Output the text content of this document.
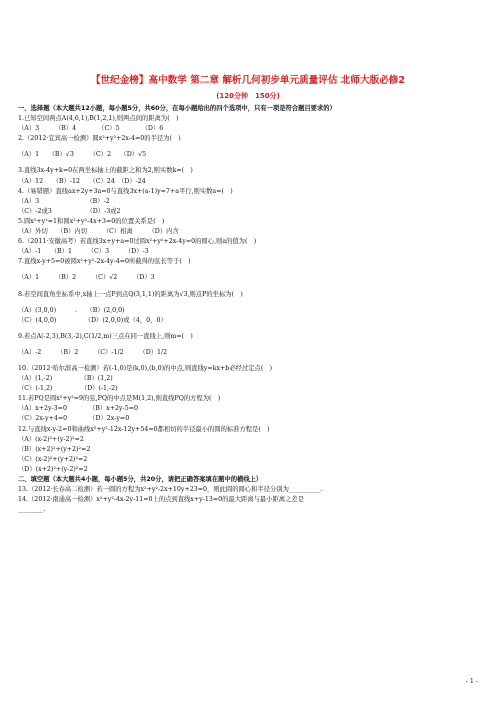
【世纪金榜】高中数学 第二章 解析几何初步单元质量评估 北师大版必修2
(120分钟　150分)
一、选择题（本大题共12小题，每小题5分，共60分，在每小题给出的四个选项中，只有一项是符合题目要求的）
1.已知空间两点A(4,6,1),B(1,2,1),则两点间的距离为(　)
（A）3　　　（B）4　　　　（C）5　　　　（D）6
2.（2012·宜宾高一检测）圆x²+y²+2x-4=0的半径为(　)
（A）1　　（B）√3　　　（C）2　　（D）√5
3.直线3x-4y+k=0在两坐标轴上的截距之和为2,则实数k=(　)
（A）12　　（B）-12　　（C）24　（D）-24
4.（易错题）直线ax+2y+3a=0与直线3x+(a-1)y=7+a平行,则实数a=(　)
（A）3　　　　　　　　（B）-2
（C）-2或3　　　　　　（D）-3或2
5.圆x²+y²=1和圆x²+y²-4x+3=0的位置关系是(　)
（A）外切　　（B）内切　　　（C）相离　　　（D）内含
6.（2011·安徽高考）若直线3x+y+a=0过圆x²+y²+2x-4y=0的圆心,则a的值为(　)
（A）-1　　（B）1　　　（C）3　　　（D）-3
7.直线x-y+5=0被圆x²+y²-2x-4y-4=0所截得的弦长等于(　)
（A）1　　　（B）2　　　（C）√2　　　（D）3
8.若空间直角坐标系中,x轴上一点P到点Q(3,1,1)的距离为√3,则点P的坐标为(　)
（A）(3,0,0)　　　.　　（B）(2,0,0)
（C）(4,0,0)　　　　　（D）(2,0,0)或（4，0，0）
9.若点A(-2,3),B(3,-2),C(1/2,m)三点在同一直线上,则m=(　)
（A）-2　　　（B）2　　　（C）-1/2　　　（D）1/2
10.（2012·哈尔滨高一检测）若(-1,0)是(k,0),(b,0)的中点,则直线y=kx+b必经过定点(　)
（A）(1,-2)　　　　　（B）(1,2)
（C）(-1,2)　　　　　（D）(-1,-2)
11.若PQ是圆x²+y²=9的弦,PQ的中点是M(1,2),则直线PQ的方程为(　)
（A）x+2y-3=0　　　　（B）x+2y-5=0
（C）2x-y+4=0　　　　（D）2x-y=0
12.与直线x-y-2=0和曲线x²+y²-12x-12y+54=0都相切的半径最小的圆的标准方程是(　)
（A）(x-2)²+(y-2)²=2
（B）(x+2)²+(y+2)²=2
（C）(x-2)²+(y+2)²=2
（D）(x+2)²+(y-2)²=2
二、填空题（本大题共4小题，每小题5分，共20分，请把正确答案填在题中的横线上）
13.（2012·长春高二检测）若一圆的方程为x²+y²-2x+10y+23=0，则此圆的圆心和半径分别为__________.
14.（2012·南通高一检测）x²+y²-4x-2y-11=0上的点到直线x+y-13=0的最大距离与最小距离之差是
________.
- 1 -
